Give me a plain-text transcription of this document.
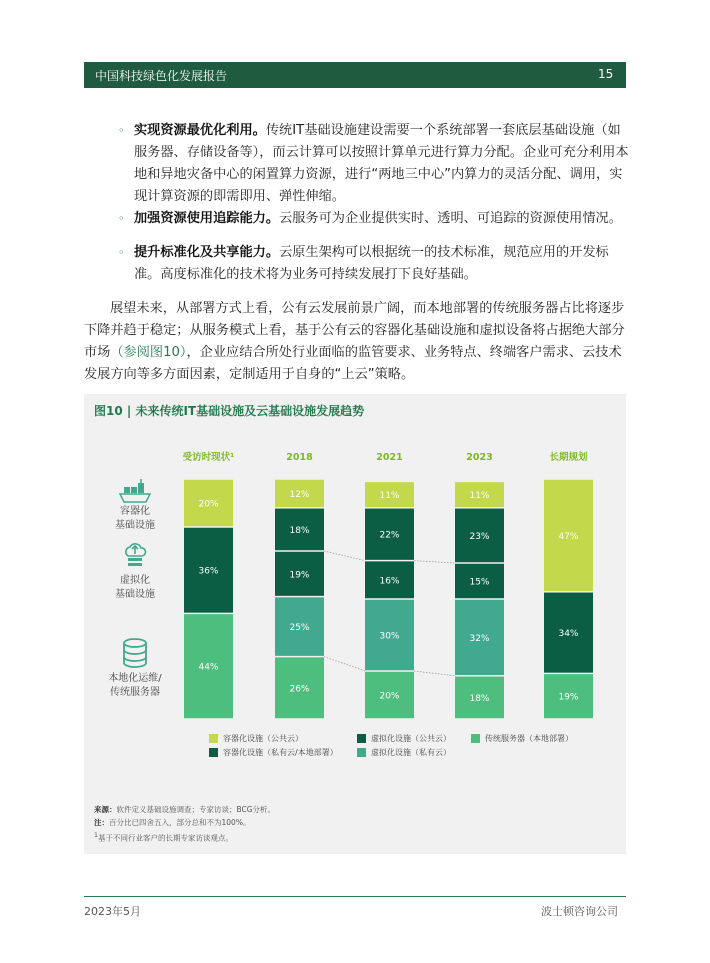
中国科技绿色化发展报告	15
◦ 实现资源最优化利用。传统IT基础设施建设需要一个系统部署一套底层基础设施（如服务器、存储设备等），而云计算可以按照计算单元进行算力分配。企业可充分利用本地和异地灾备中心的闲置算力资源，进行“两地三中心”内算力的灵活分配、调用，实现计算资源的即需即用、弹性伸缩。
◦ 加强资源使用追踪能力。云服务可为企业提供实时、透明、可追踪的资源使用情况。
◦ 提升标准化及共享能力。云原生架构可以根据统一的技术标准，规范应用的开发标准。高度标准化的技术将为业务可持续发展打下良好基础。
展望未来，从部署方式上看，公有云发展前景广阔，而本地部署的传统服务器占比将逐步下降并趋于稳定；从服务模式上看，基于公有云的容器化基础设施和虚拟设备将占据绝大部分市场（参阅图10），企业应结合所处行业面临的监管要求、业务特点、终端客户需求、云技术发展方向等多方面因素，定制适用于自身的“上云”策略。
图10 | 未来传统IT基础设施及云基础设施发展趋势
容器化
基础设施
虚拟化
基础设施
本地化运维/
传统服务器
受访时现状¹
44%
36%
20%
2018
26%
25%
19%
18%
12%
2021
20%
30%
16%
22%
11%
2023
18%
32%
15%
23%
11%
长期规划
19%
34%
47%
容器化设施（公共云）	虚拟化设施（公共云）	传统服务器（本地部署）
容器化设施（私有云/本地部署）	虚拟化设施（私有云）
来源：软件定义基础设施调查；专家访谈；BCG分析。
注：百分比已四舍五入，部分总和不为100%。
$^1$基于不同行业客户的长期专家访谈观点。
2023年5月	波士顿咨询公司
